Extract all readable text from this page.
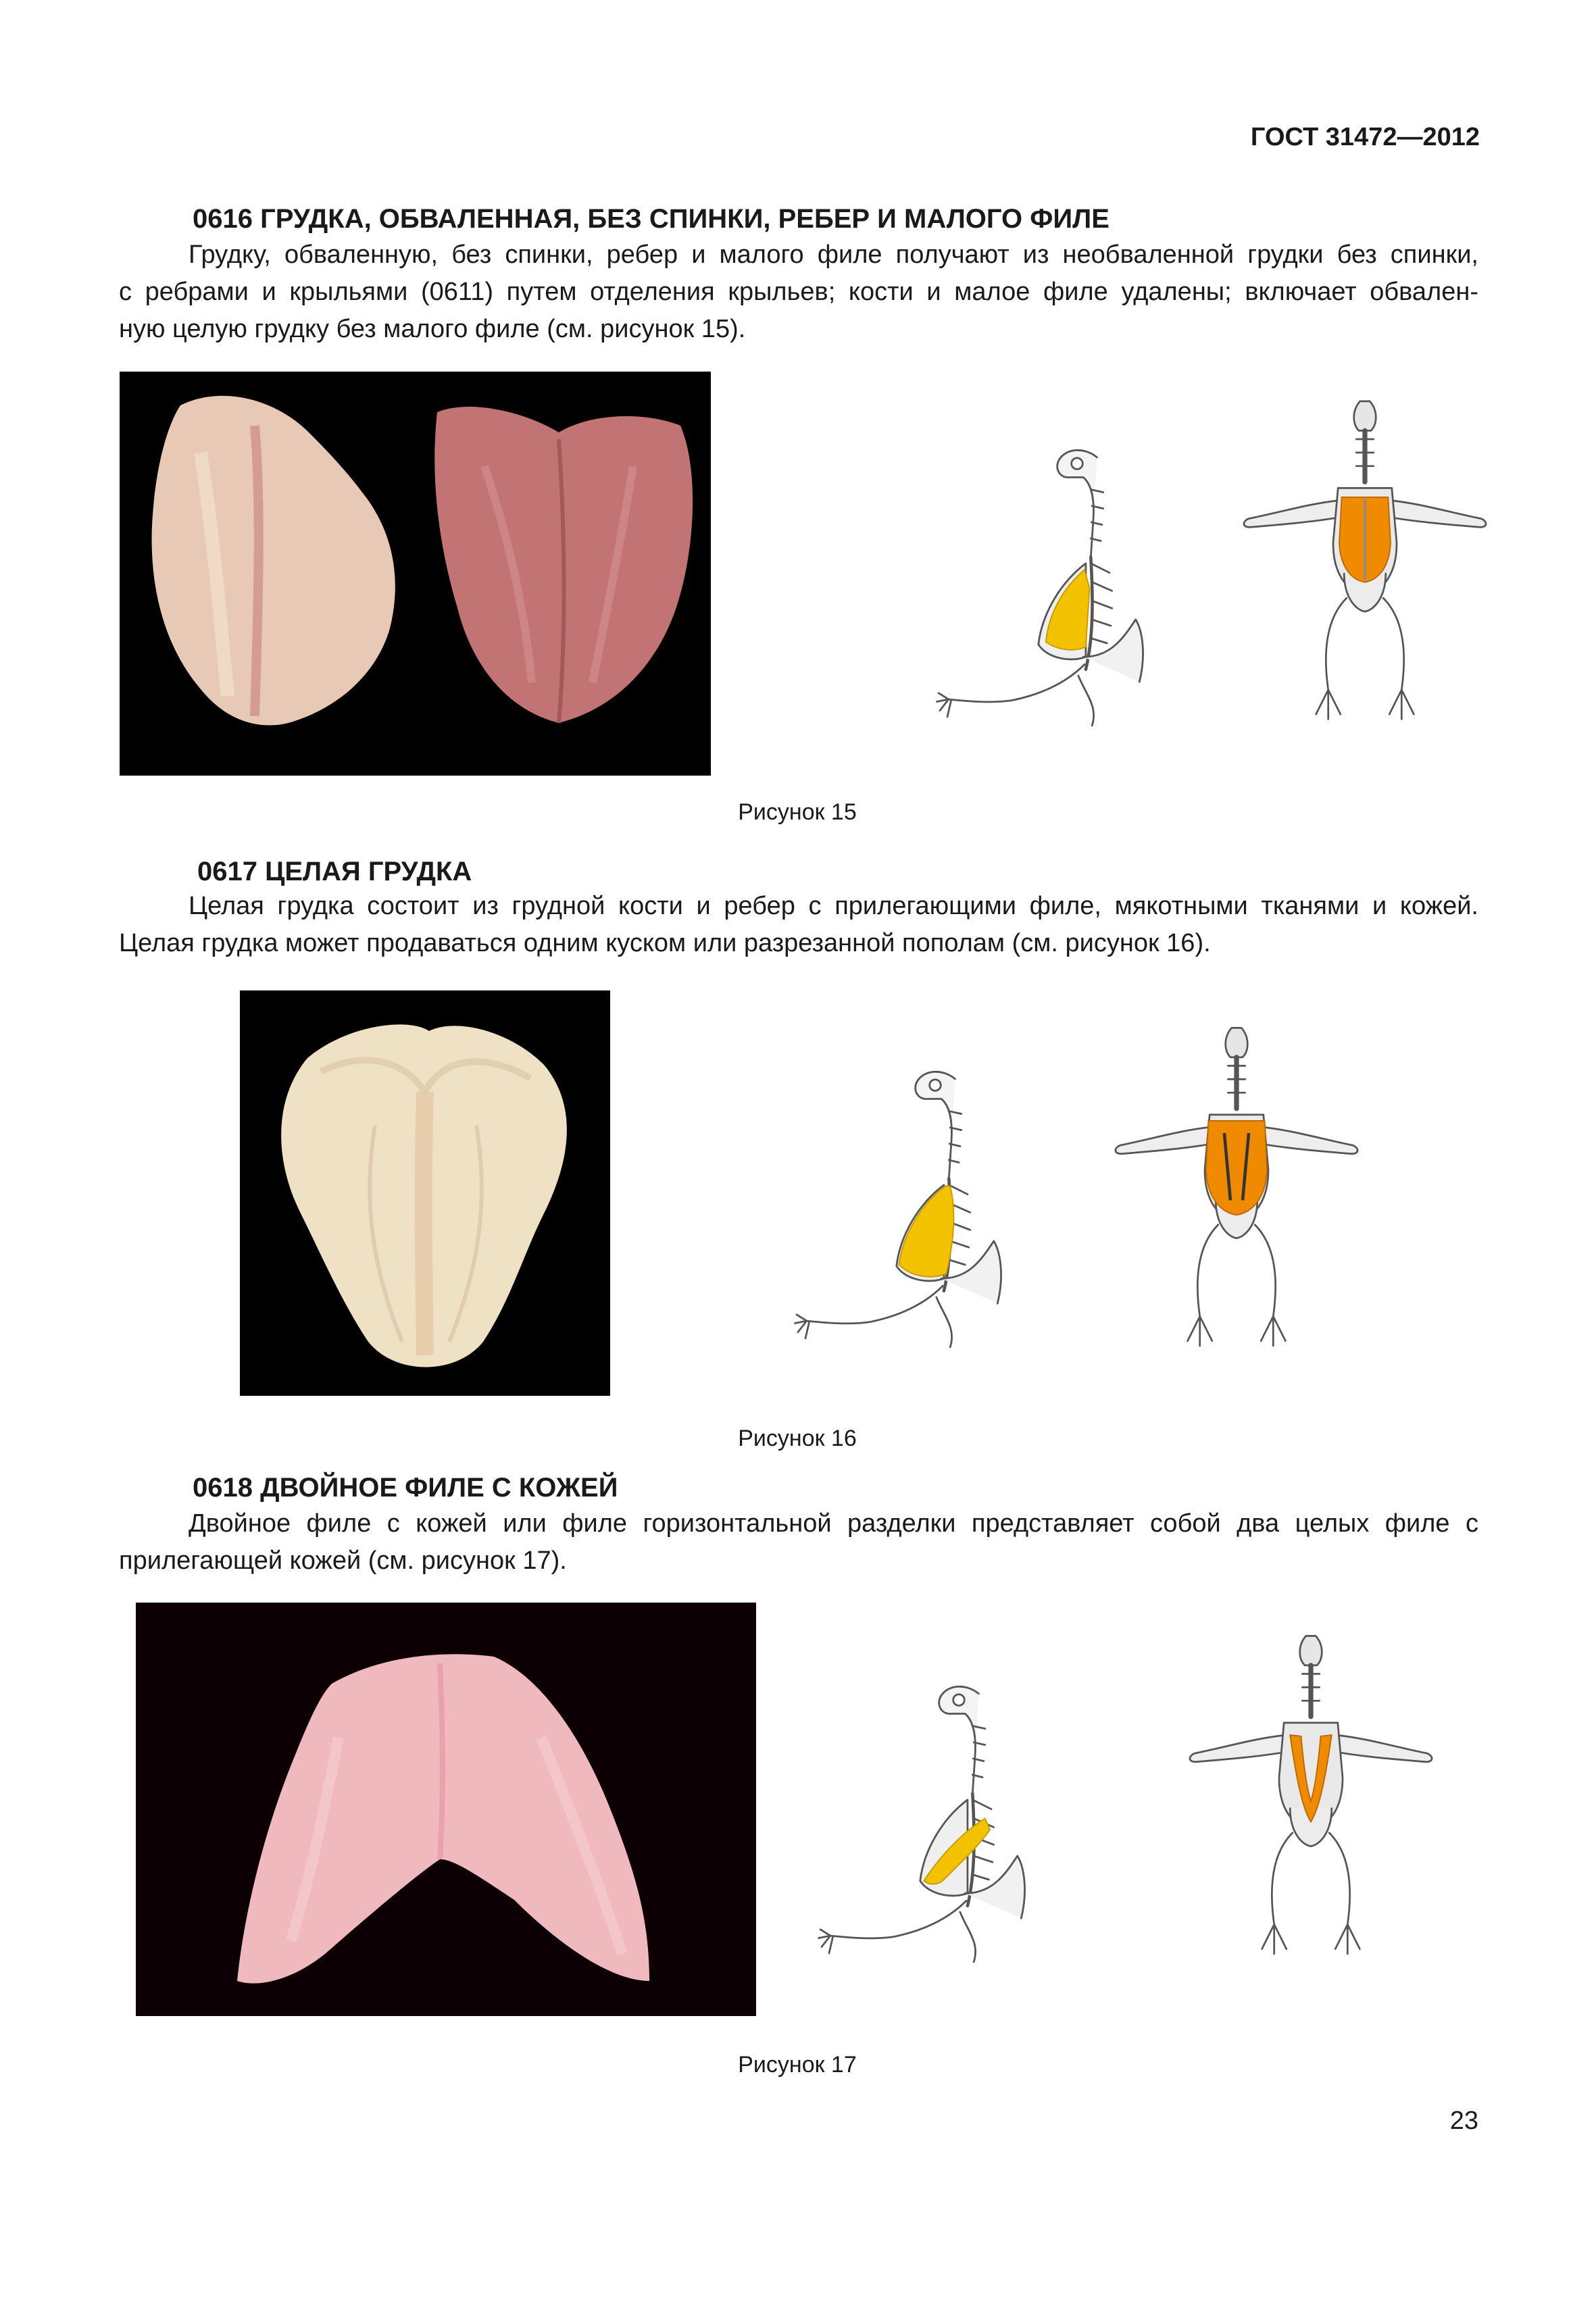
ГОСТ 31472—2012
0616 ГРУДКА, ОБВАЛЕННАЯ, БЕЗ СПИНКИ, РЕБЕР И МАЛОГО ФИЛЕ
Грудку, обваленную, без спинки, ребер и малого филе получают из необваленной грудки без спинки,
с ребрами и крыльями (0611) путем отделения крыльев; кости и малое филе удалены; включает обвален-
ную целую грудку без малого филе (см. рисунок 15).
Рисунок 15
0617 ЦЕЛАЯ ГРУДКА
Целая грудка состоит из грудной кости и ребер с прилегающими филе, мякотными тканями и кожей.
Целая грудка может продаваться одним куском или разрезанной пополам (см. рисунок 16).
Рисунок 16
0618 ДВОЙНОЕ ФИЛЕ С КОЖЕЙ
Двойное филе с кожей или филе горизонтальной разделки представляет собой два целых филе с
прилегающей кожей (см. рисунок 17).
Рисунок 17
23
